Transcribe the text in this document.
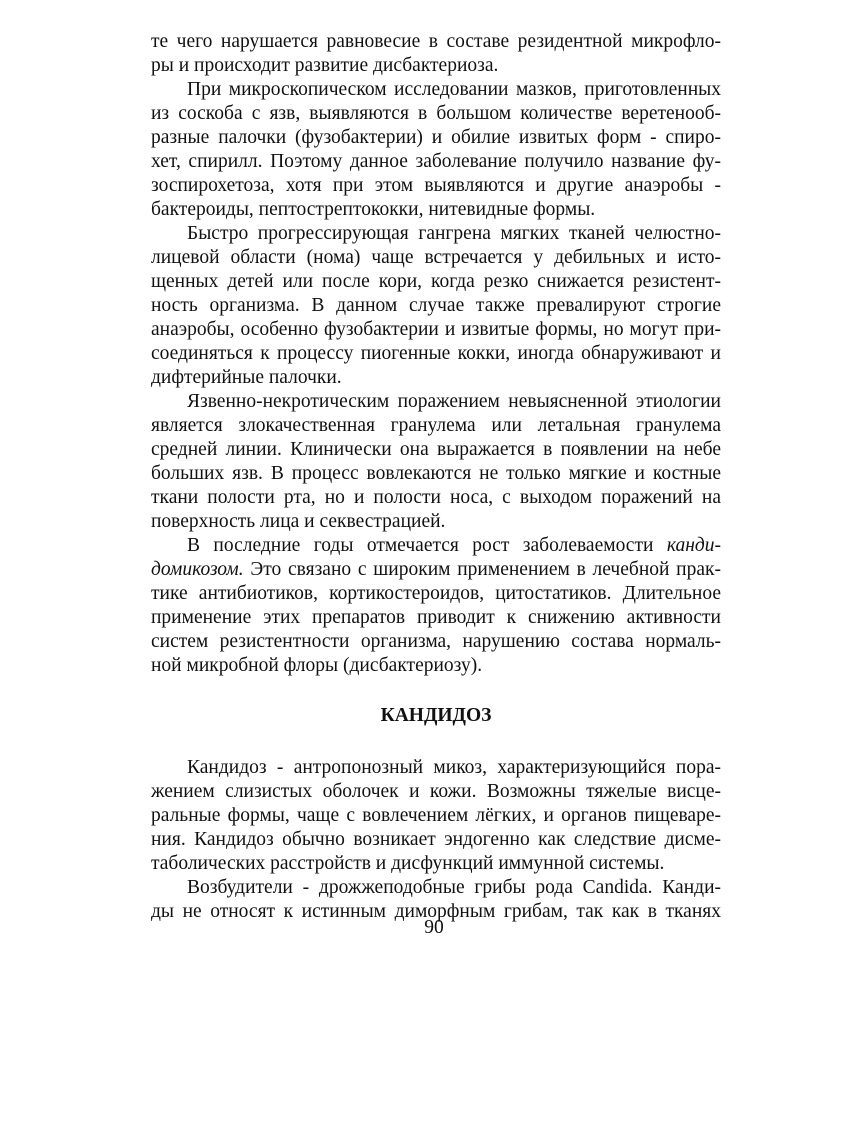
те чего нарушается равновесие в составе резидентной микрофло-
ры и происходит развитие дисбактериоза.

При микроскопическом исследовании мазков, приготовленных
из соскоба с язв, выявляются в большом количестве веретенооб-
разные палочки (фузобактерии) и обилие извитых форм - спиро-
хет, спирилл. Поэтому данное заболевание получило название фу-
зоспирохетоза, хотя при этом выявляются и другие анаэробы -
бактероиды, пептострептококки, нитевидные формы.

Быстро прогрессирующая гангрена мягких тканей челюстно-
лицевой области (нома) чаще встречается у дебильных и исто-
щенных детей или после кори, когда резко снижается резистент-
ность организма. В данном случае также превалируют строгие
анаэробы, особенно фузобактерии и извитые формы, но могут при-
соединяться к процессу пиогенные кокки, иногда обнаруживают и
дифтерийные палочки.

Язвенно-некротическим поражением невыясненной этиологии
является злокачественная гранулема или летальная гранулема
средней линии. Клинически она выражается в появлении на небе
больших язв. В процесс вовлекаются не только мягкие и костные
ткани полости рта, но и полости носа, с выходом поражений на
поверхность лица и секвестрацией.

В последние годы отмечается рост заболеваемости канди-
домикозом. Это связано с широким применением в лечебной прак-
тике антибиотиков, кортикостероидов, цитостатиков. Длительное
применение этих препаратов приводит к снижению активности
систем резистентности организма, нарушению состава нормаль-
ной микробной флоры (дисбактериозу).

КАНДИДОЗ

Кандидоз - антропонозный микоз, характеризующийся пора-
жением слизистых оболочек и кожи. Возможны тяжелые висце-
ральные формы, чаще с вовлечением лёгких, и органов пищеваре-
ния. Кандидоз обычно возникает эндогенно как следствие дисме-
таболических расстройств и дисфункций иммунной системы.

Возбудители - дрожжеподобные грибы рода Candida. Канди-
ды не относят к истинным диморфным грибам, так как в тканях

90
